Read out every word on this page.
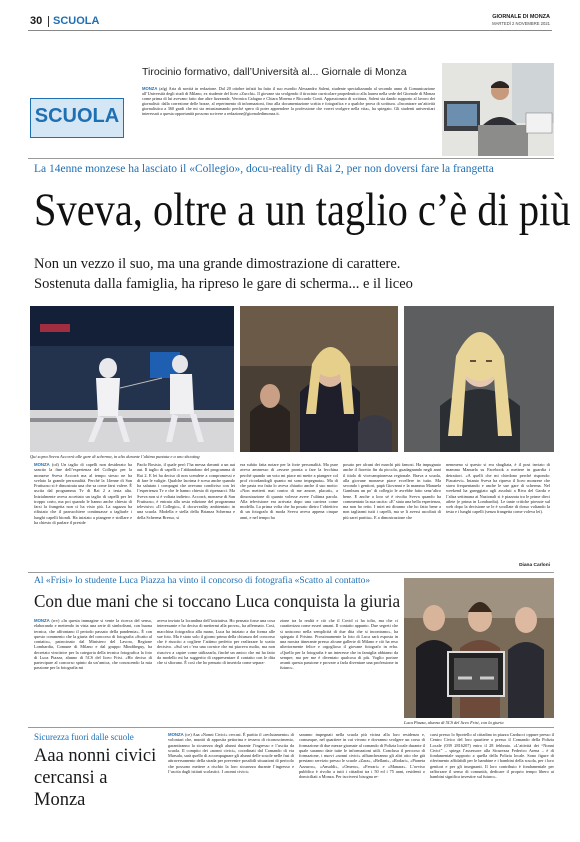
30 SCUOLA	GIORNALE DI MONZA
MARTEDÌ 2 NOVEMBRE 2021
SCUOLA
Tirocinio formativo, dall’Università al... Giornale di Monza
MONZA (afg) Aria di novità in redazione. Dal 20 ottobre infatti ha fatto il suo esordio Alessandro Saleni, studente specializzando al secondo anno di Comunicazione all’Università degli studi di Milano, ex studente del liceo «Zucchi». Il giovane sta svolgendo il tirocinio curricolare propedeutico alla laurea nella sede del Giornale di Monza come prima di lui avevano fatto due altre lizzeande, Veronica Cafagno e Chiara Morena e Riccardo Conti. Appassionato di scrittura, Saleni sta dando supporto al lavoro dei giornalisti: dalla correzione delle bozze, al reperimento di informazioni, fino alla documentazione scritta e fotografica e a qualche prova di scrittura. «Incontrare un’attività giornalistica a 360 gradi che mi sta entusiasmando perché spero di poter apprendere la professione che vorrei svolgere nella vita», ha spiegato. Gli studenti universitari interessati a questa opportunità possono scrivere a redazione@giornaledimonza.it.
La 14enne monzese ha lasciato il «Collegio», docu-reality di Rai 2, per non doversi fare la frangetta
Sveva, oltre a un taglio c’è di più
Non un vezzo il suo, ma una grande dimostrazione di carattere.
Sostenuta dalla famiglia, ha ripreso le gare di scherma... e il liceo
Qui sopra Sveva Accorrà alle gare di scherma, in alto durante l’ultima puntata e a uno shooting
MONZA (cd) Un taglio di capelli non desiderato ha sancito la fine dell’esperienza del Collegio per la monzese Sveva Accorrà ma al tempo stesso ne ha svelato la grande personalità. Perché la 14enne di San Fruttuoso si è dimostrata una che sa come farsi valere. È uscita dal programma Tv di Rai 2 a testa alta. Inizialmente aveva accettato un taglio di capelli per lei troppo corto, ma poi quando le hanno anche chiesto di farsi la frangetta non ci ha visto più. La ragazza ha rifiutato che il parrucchiere continuasse a tagliarle i lunghi capelli biondi. Ha iniziato a piangere e strillare e ha chiesto di parlare il preside
Paolo Bosisio, il quale però l’ha messa davanti a un aut aut. Il taglio di capelli o l’abbandono del programma di Rai 2. E lei ha deciso di non scendere a compromessi e di fare le valigie. Qualche lacrima è scesa anche quando ha salutato i compagni che avevano condiviso con lei l’esperienza Tv e che le hanno chiesto di ripensarci. Ma Sveva non si è voltata indietro. Accorrà, monzese di San Fruttuoso, è entrata alla sesta edizione del programma televisivo «Il Collegio», il docu-reality ambientato in una scuola. Modella e stella della Brianza Scherma e della Scherma Bresso, si
era subito fatta notare per la forte personalità. Ma pure aveva ammesso di «essere pronta a fare la lecchina perché quando un voto mi piace mi mette a piangere col prof ricordandogli quanto mi sono impegnata». Ma di che pasta era fatta lo aveva chiarito anche il suo motto: «Non metterti mai contro di me amore, placati», a dimostrazione di quanto volesse avere l’ultima parola. Alla televisione era arrivata dopo una carriera come modella. La prima volta che ha posato dietro l’obiettivo di un fotografo di moda Sveva aveva appena cinque anni, e nel tempo ha
posato per alcuni dei marchi più famosi. Ha impugnato anche il fioretto fin da piccola, guadagnando negli anni il titolo di vicecampionessa regionale. Brava a scuola, alla giovane monzese piace eccellere in tutto. Ma secondo i genitori, papà Giovanni e la mamma Manuela Gamburu un po’ di collegio le avrebbe fatto senz’altro bene. E anche a loro sé è rivolta Sveva quando ha commentato la sua uscita: «E’ stata una bella esperienza, ma non ho retto. I miei mi diranno che ho fatto bene a non tagliarmi tutti i capelli, ma se li avessi ascoltati di più sarei partita». E a dimostrazione che
nemmeno si questo si era sbagliata, è il post inviato di mamma Manuela su Facebook a mettere in guardia i detrattori. «A quelli che mi chiedono perché rispondo: Piacatevi». Intanto Sveva ha ripreso il liceo monzese che stava frequentando e anche le sue gare di scherma. Nel weekend ha gareggiato agli assoluti a Riva del Garda e l’altra settimana ai Nazionali si è piazzata tra le prime dieci atlete (e prima in Lombardia). Le tante critiche piovute sul web dopo la decisione se le è scrollate di dosso voltando la testa e i lunghi capelli (senza frangetta come voleva lei).
Diana Carloni
Al «Frisi» lo studente Luca Piazza ha vinto il concorso di fotografia «Scatto al contatto»
Con due mani che si toccano Luca conquista la giuria
MONZA (rrv) «In questa immagine si vente la ricerca del senso, elaborando e mettendo in vista una serie di simbolismi, con buona tecnica, che affrontano il periodo passato della pandemia». È con questo commento che la giuria del concorso di fotografia «Scatto al contatto», patrocinato dal Ministero del Lavoro, Regione Lombardia, Comune di Milano e dal gruppo Mindtheguy, ha decretato vincitrice per la categoria della tecnica fotografica la foto di Luca Piazza, alunno di 5CS del liceo Frisi. «Ho deciso di partecipare al concorso spinto da un’amica, che conoscendo la mia passione per la fotografia mi
aveva inviato la locandina dell’iniziativa. Ho pensato fosse una cosa interessante e ho deciso di mettermi alla prova», ha affermato. Così, macchina fotografica alla mano, Luca ha iniziato a dar forma alle sue foto. Ma è stato solo il giorno prima della chiusura del concorso che è riuscito a cogliere l’attimo perfetto per realizzare lo scatto decisivo. «Sul set c’era una cornice che mi piaceva molto, ma non riuscivo a capire come utilizzarla, finché un amico che mi ha fatto da modello mi ha suggerito di rappresentare il contatto con le dita che si sfiorano. È così che ho pensato di inserirla come separa-
zione tra la realtà e ciò che il Covid ci ha tolto, ma che ci caratterizza come esseri umani. Il contatto appunto. Due segreti che si uniscono nella semplicità di due dita che si incontrano», ha spiegato il Frisino. Prossimamente la foto di Luca sarà esposta in una mostra itinerante presso alcune gallerie di Milano e ciò ha reso ulteriormente felice e orgoglioso il giovane fotografo in erba. «Quello per la fotografia è un interesse che in famiglia abbiamo da sempre, ma per me è diventato qualcosa di più. Voglio portare avanti questa passione e provare a farla diventare una professione in futuro».
Luca Piazza, alunno di 5CS del liceo Frisi, con la giuria
Sicurezza fuori dalle scuole
Aaa nonni civici cercansi a Monza
MONZA (ce) Aaa «Nonni Civici» cercasi. È partito il «reclutamento» di volontari che, muniti di apposita pettorina e tessera di riconoscimento, garantiranno la sicurezza degli alunni durante l’ingresso e l’uscita da scuola. Il compito dei «nonni civici», coordinati dal Comando di via Marsala, sarà quello di accompagnare gli alunni delle scuole nelle fasi di attraversamento della strada per prevenire possibili situazioni di pericolo che possono mettere a rischio la loro sicurezza durante l’ingresso e l’uscita dagli istituti scolastici. I «nonni civici»
saranno impegnati nella scuola più vicina alla loro residenza e, comunque, nel quartiere in cui vivono e dovranno svolgere un corso di formazione di due mezze giornate al comando di Polizia locale durante il quale saranno date tutte le informazioni utili. Conclusa il percorso di formazione, i nuovi «nonni civici» affiancheranno gli altri otto che già prestano servizio presso le scuole «Zara», «Bellani», «Rodari», «Pianeta Azzurro», «Ansaldi», «Omero», «Ferrari» e «Manara». L’avviso pubblico è rivolto a tutti i cittadini tra i 50 ed i 75 anni, residenti o domiciliati a Monza. Per iscriversi bisogna re-
carsi presso lo Sportello al cittadino in piazza Carducci oppure presso il Centro Civico del loro quartiere o presso il Comando della Polizia Locale (039 2816207) entro il 28 febbraio. «L’attività dei “Nonni Civici” – spiega l’assessore alla Sicurezza Federico Arena – è di fondamentale supporto a quella della Polizia locale. Sono figure di riferimento affidabili per le bambine e i bambini della scuola, per i loro genitori e per gli insegnanti. Il loro contributo è fondamentale per rafforzare il senso di comunità, dedicare il proprio tempo libero ai bambini significa investire sul futuro».
